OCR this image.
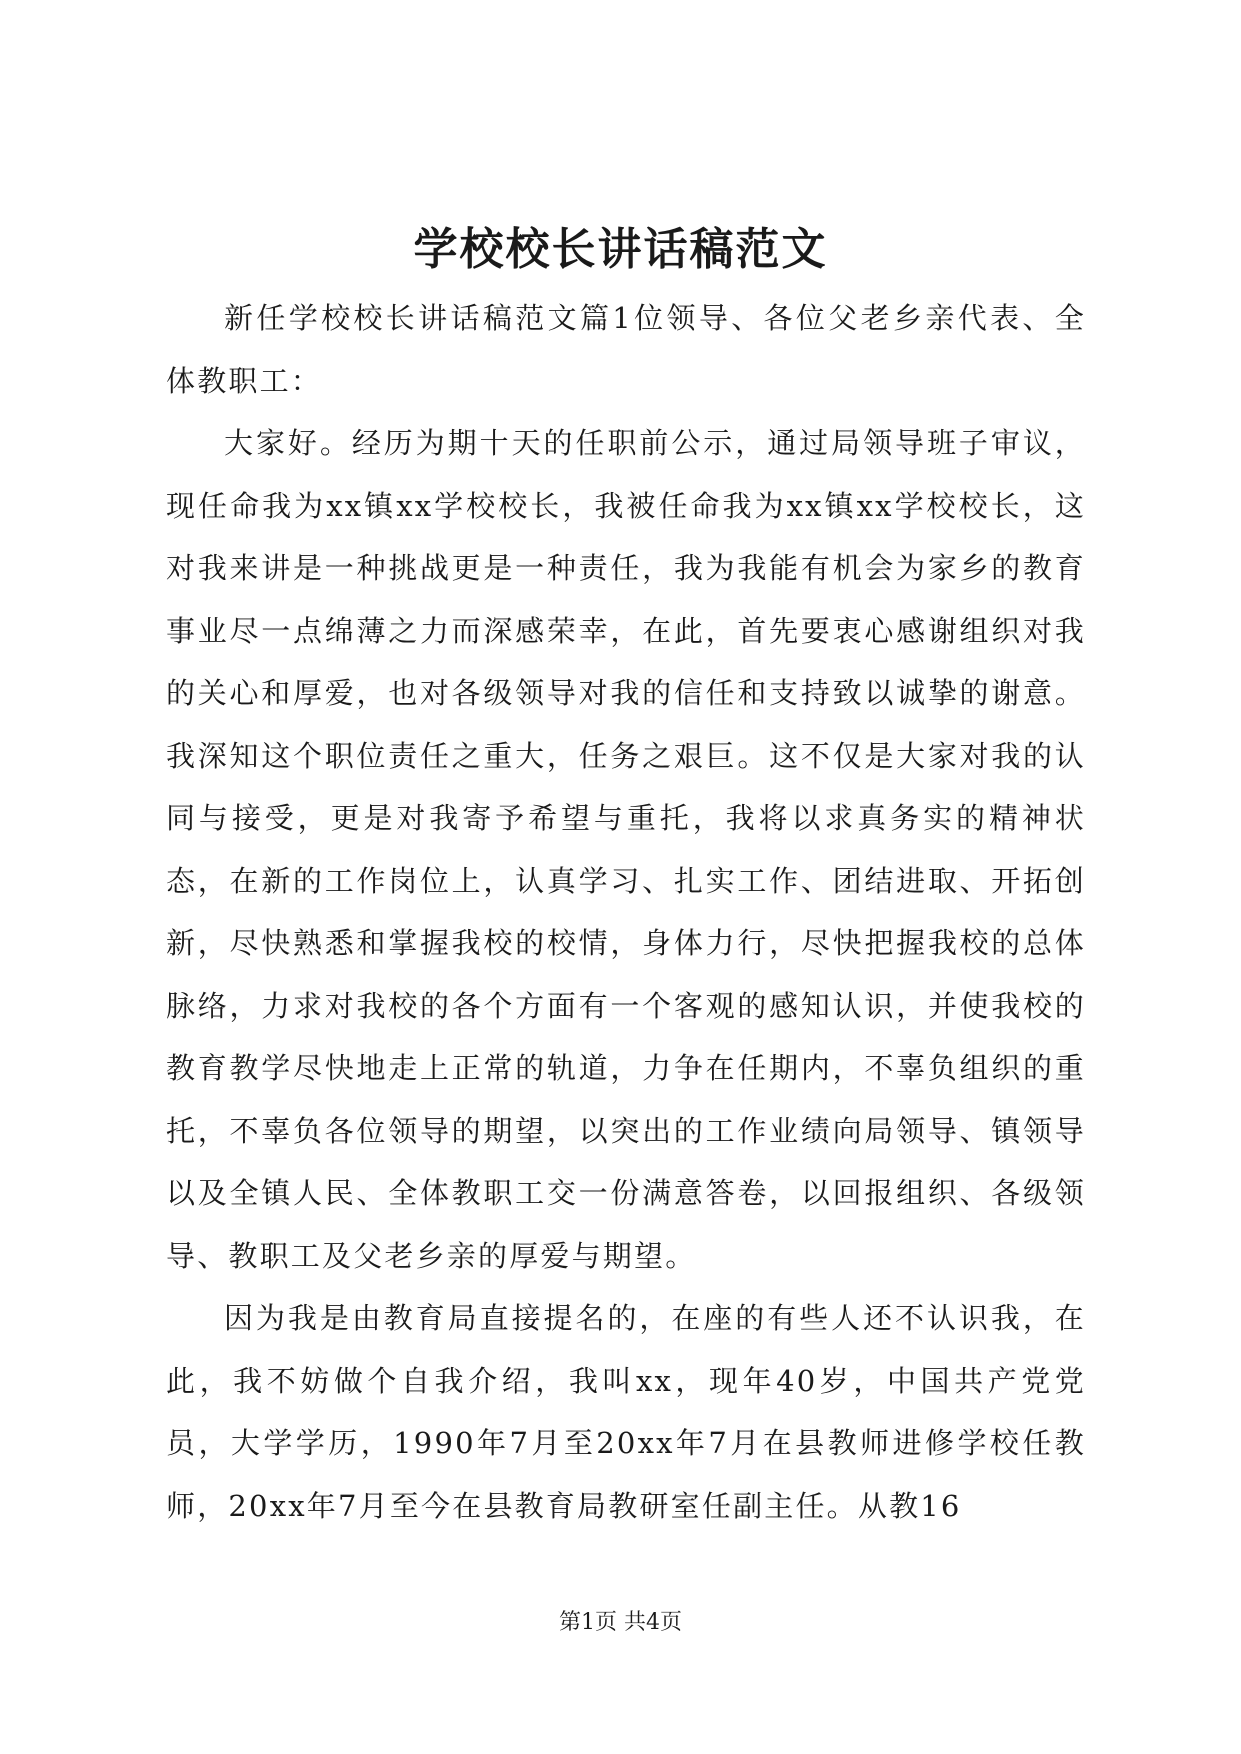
学校校长讲话稿范文

新任学校校长讲话稿范文篇1位领导、各位父老乡亲代表、全体教职工：

大家好。经历为期十天的任职前公示，通过局领导班子审议，现任命我为xx镇xx学校校长，我被任命我为xx镇xx学校校长，这对我来讲是一种挑战更是一种责任，我为我能有机会为家乡的教育事业尽一点绵薄之力而深感荣幸，在此，首先要衷心感谢组织对我的关心和厚爱，也对各级领导对我的信任和支持致以诚挚的谢意。我深知这个职位责任之重大，任务之艰巨。这不仅是大家对我的认同与接受，更是对我寄予希望与重托，我将以求真务实的精神状态，在新的工作岗位上，认真学习、扎实工作、团结进取、开拓创新，尽快熟悉和掌握我校的校情，身体力行，尽快把握我校的总体脉络，力求对我校的各个方面有一个客观的感知认识，并使我校的教育教学尽快地走上正常的轨道，力争在任期内，不辜负组织的重托，不辜负各位领导的期望，以突出的工作业绩向局领导、镇领导以及全镇人民、全体教职工交一份满意答卷，以回报组织、各级领导、教职工及父老乡亲的厚爱与期望。

因为我是由教育局直接提名的，在座的有些人还不认识我，在此，我不妨做个自我介绍，我叫xx，现年40岁，中国共产党党员，大学学历，1990年7月至20xx年7月在县教师进修学校任教师，20xx年7月至今在县教育局教研室任副主任。从教16

第1页 共4页
